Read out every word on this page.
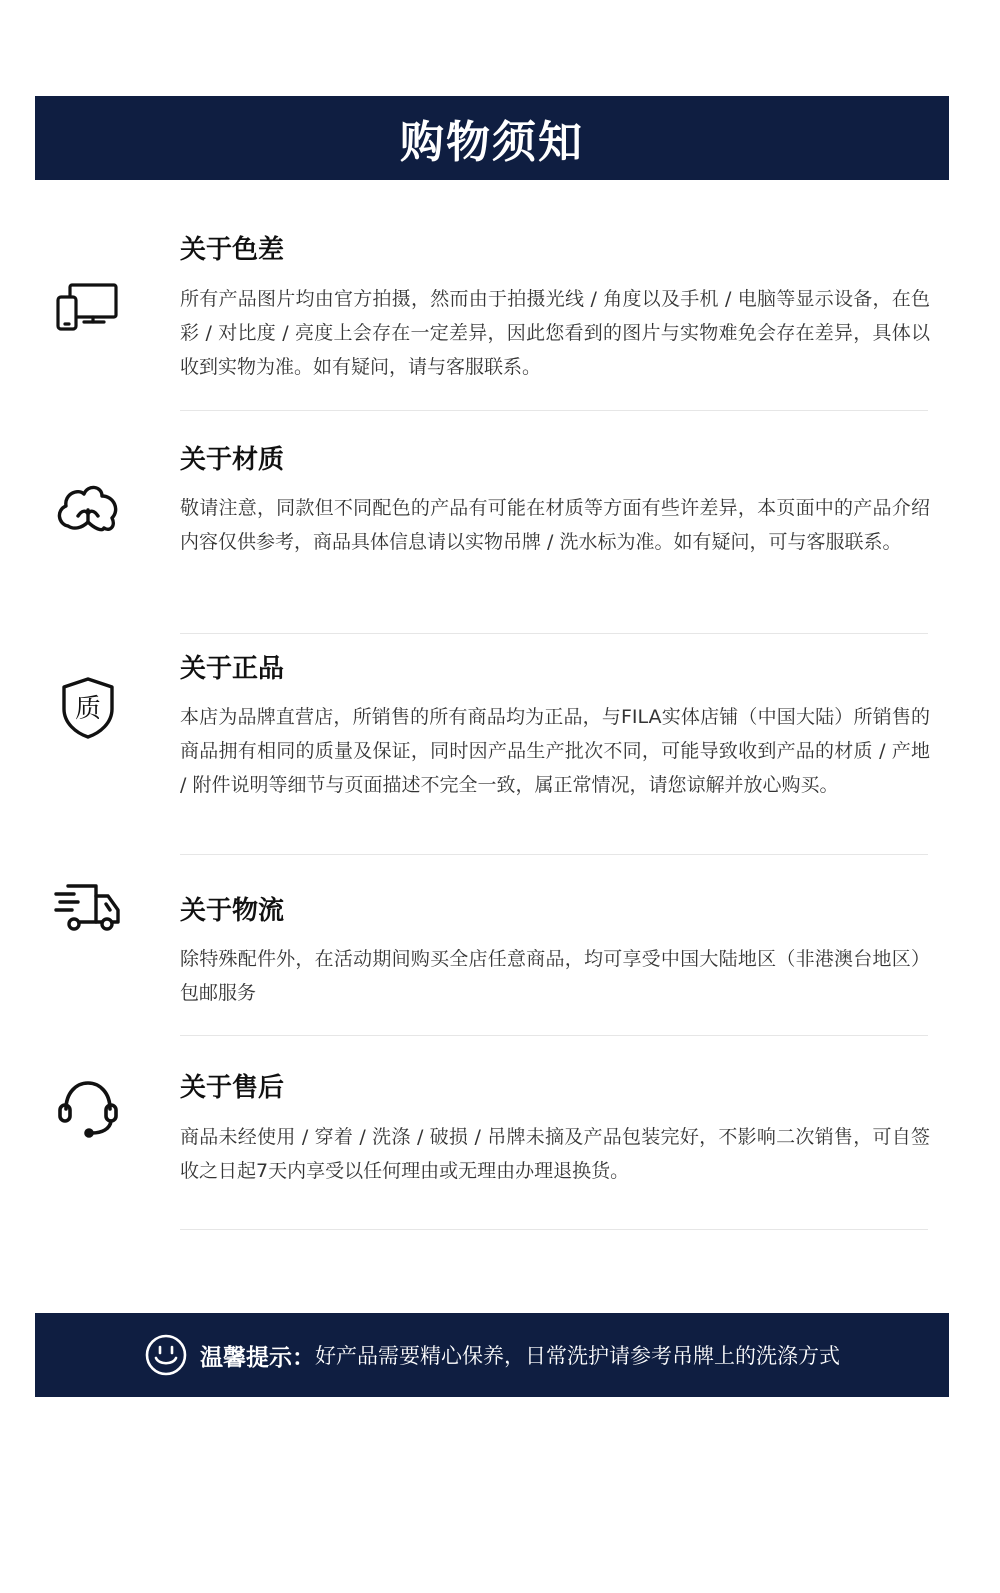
购物须知
关于色差
所有产品图片均由官方拍摄，然而由于拍摄光线 / 角度以及手机 / 电脑等显示设备，在色彩 / 对比度 / 亮度上会存在一定差异，因此您看到的图片与实物难免会存在差异，具体以收到实物为准。如有疑问，请与客服联系。
关于材质
敬请注意，同款但不同配色的产品有可能在材质等方面有些许差异，本页面中的产品介绍内容仅供参考，商品具体信息请以实物吊牌 / 洗水标为准。如有疑问，可与客服联系。
质
关于正品
本店为品牌直营店，所销售的所有商品均为正品，与FILA实体店铺（中国大陆）所销售的商品拥有相同的质量及保证，同时因产品生产批次不同，可能导致收到产品的材质 / 产地 / 附件说明等细节与页面描述不完全一致，属正常情况，请您谅解并放心购买。
关于物流
除特殊配件外，在活动期间购买全店任意商品，均可享受中国大陆地区（非港澳台地区）包邮服务
关于售后
商品未经使用 / 穿着 / 洗涤 / 破损 / 吊牌未摘及产品包装完好，不影响二次销售，可自签收之日起7天内享受以任何理由或无理由办理退换货。
温馨提示： 好产品需要精心保养，日常洗护请参考吊牌上的洗涤方式
